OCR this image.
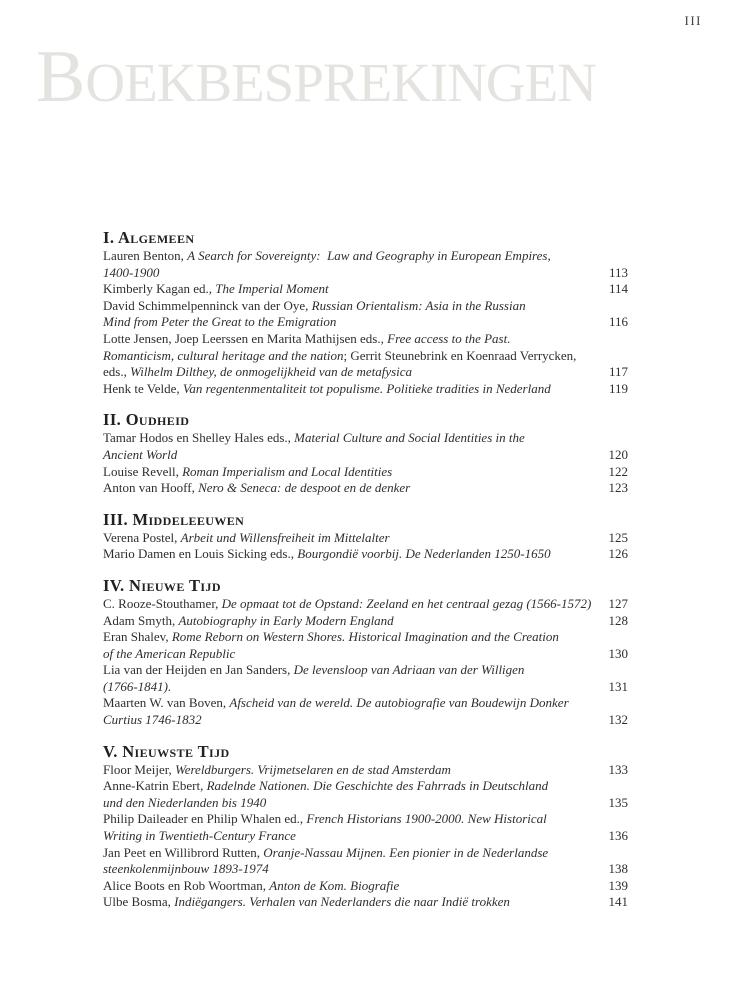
III
BOEKBESPREKINGEN
I. Algemeen
Lauren Benton, A Search for Sovereignty:  Law and Geography in European Empires,
1400-1900	113
Kimberly Kagan ed., The Imperial Moment	114
David Schimmelpenninck van der Oye, Russian Orientalism: Asia in the Russian
Mind from Peter the Great to the Emigration	116
Lotte Jensen, Joep Leerssen en Marita Mathijsen eds., Free access to the Past.
Romanticism, cultural heritage and the nation; Gerrit Steunebrink en Koenraad Verrycken,
eds., Wilhelm Dilthey, de onmogelijkheid van de metafysica	117
Henk te Velde, Van regentenmentaliteit tot populisme. Politieke tradities in Nederland	119
II. Oudheid
Tamar Hodos en Shelley Hales eds., Material Culture and Social Identities in the
Ancient World	120
Louise Revell, Roman Imperialism and Local Identities	122
Anton van Hooff, Nero & Seneca: de despoot en de denker	123
III. Middeleeuwen
Verena Postel, Arbeit und Willensfreiheit im Mittelalter	125
Mario Damen en Louis Sicking eds., Bourgondië voorbij. De Nederlanden 1250-1650	126
IV. Nieuwe Tijd
C. Rooze-Stouthamer, De opmaat tot de Opstand: Zeeland en het centraal gezag (1566-1572)	127
Adam Smyth, Autobiography in Early Modern England	128
Eran Shalev, Rome Reborn on Western Shores. Historical Imagination and the Creation
of the American Republic	130
Lia van der Heijden en Jan Sanders, De levensloop van Adriaan van der Willigen
(1766-1841).	131
Maarten W. van Boven, Afscheid van de wereld. De autobiografie van Boudewijn Donker
Curtius 1746-1832	132
V. Nieuwste Tijd
Floor Meijer, Wereldburgers. Vrijmetselaren en de stad Amsterdam	133
Anne-Katrin Ebert, Radelnde Nationen. Die Geschichte des Fahrrads in Deutschland
und den Niederlanden bis 1940	135
Philip Daileader en Philip Whalen ed., French Historians 1900-2000. New Historical
Writing in Twentieth-Century France	136
Jan Peet en Willibrord Rutten, Oranje-Nassau Mijnen. Een pionier in de Nederlandse
steenkolenmijnbouw 1893-1974	138
Alice Boots en Rob Woortman, Anton de Kom. Biografie	139
Ulbe Bosma, Indiëgangers. Verhalen van Nederlanders die naar Indië trokken	141
